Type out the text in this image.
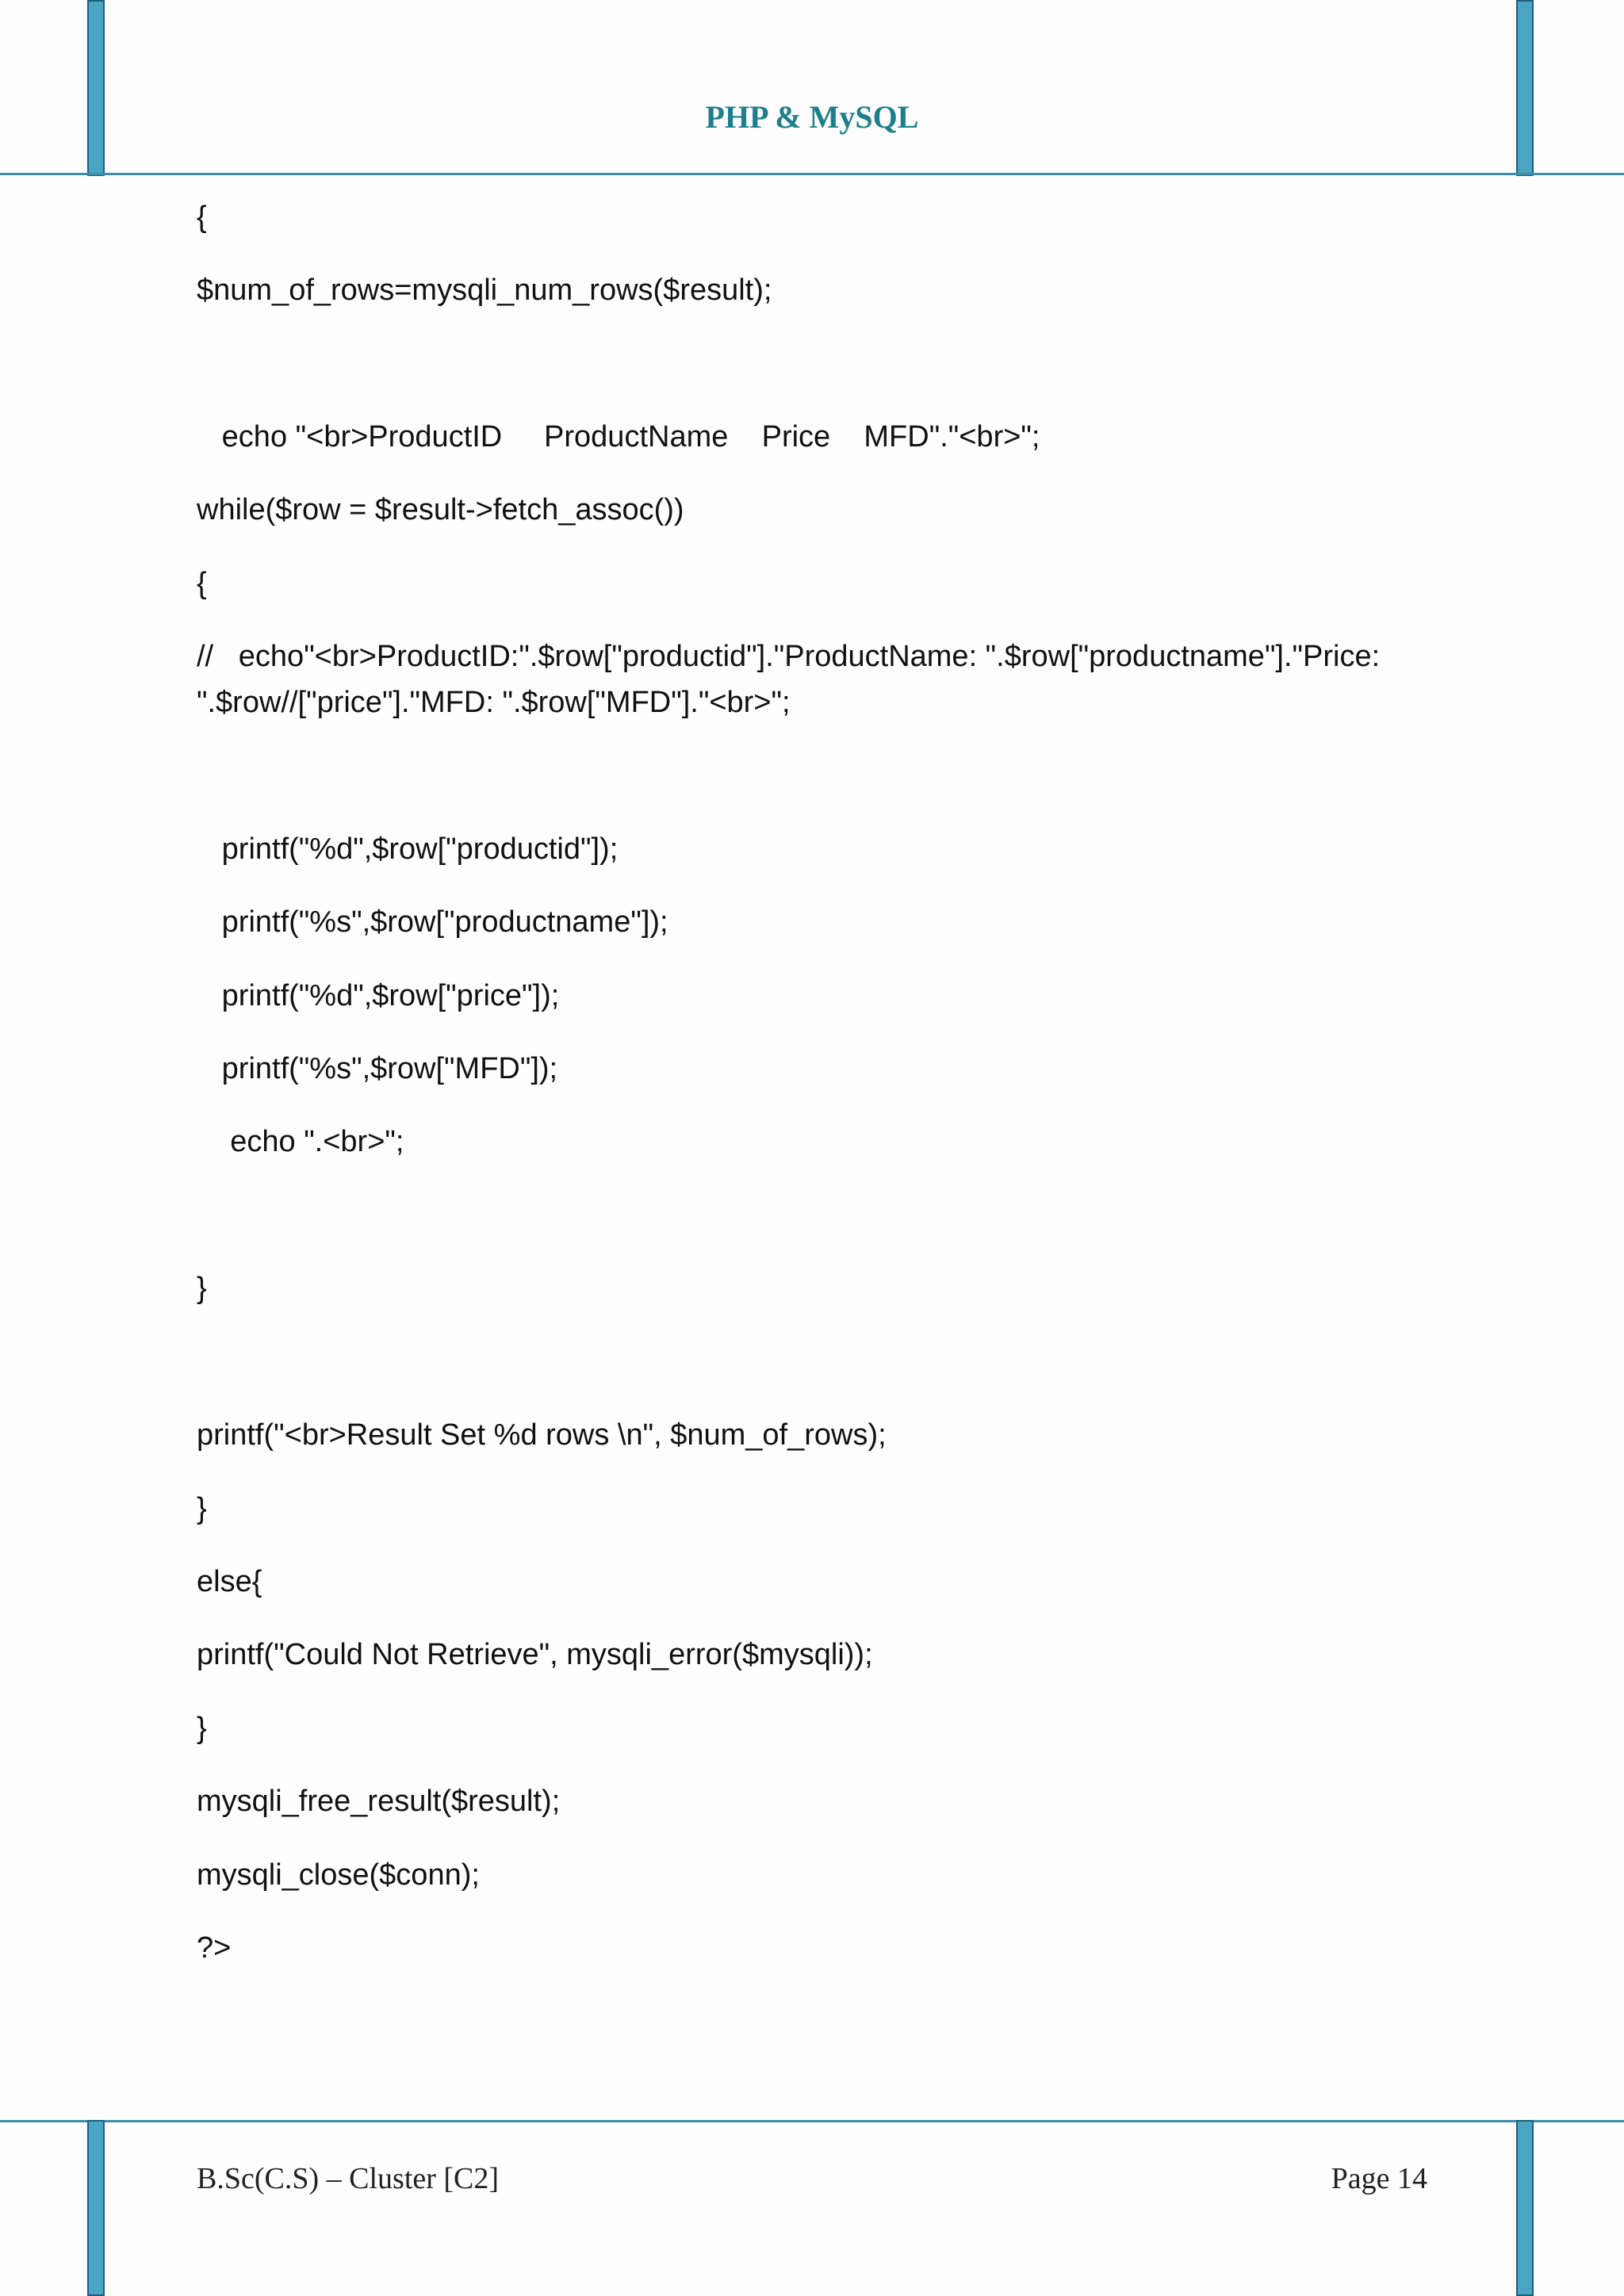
PHP & MySQL
{
$num_of_rows=mysqli_num_rows($result);
echo "<br>ProductID     ProductName    Price    MFD"."<br>";
while($row = $result->fetch_assoc())
{
//   echo"<br>ProductID:".$row["productid"]."ProductName: ".$row["productname"]."Price:
".$row//["price"]."MFD: ".$row["MFD"]."<br>";
printf("%d",$row["productid"]);
printf("%s",$row["productname"]);
printf("%d",$row["price"]);
printf("%s",$row["MFD"]);
echo ".<br>";
}
printf("<br>Result Set %d rows \n", $num_of_rows);
}
else{
printf("Could Not Retrieve", mysqli_error($mysqli));
}
mysqli_free_result($result);
mysqli_close($conn);
?>
B.Sc(C.S) – Cluster [C2]	Page 14
